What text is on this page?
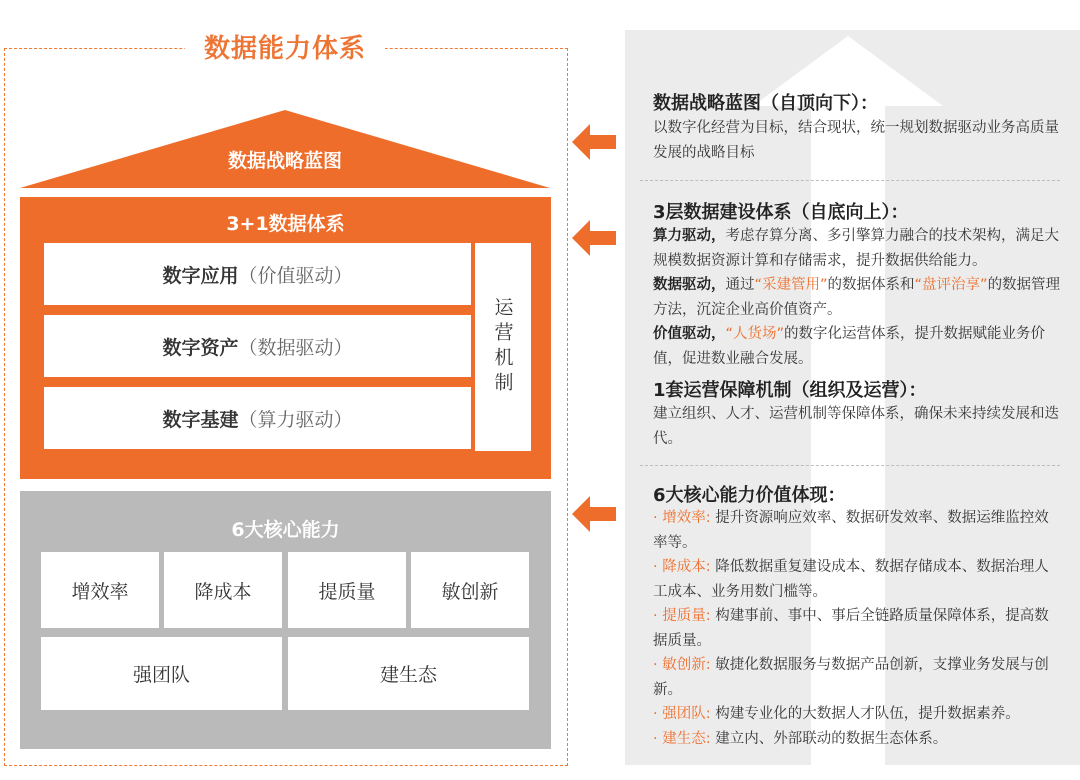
数据能力体系
数据战略蓝图
3+1数据体系
数字应用 （价值驱动）
数字资产 （数据驱动）
数字基建 （算力驱动）
运营机制
6大核心能力
增效率	降成本	提质量	敏创新
强团队	建生态
数据战略蓝图（自顶向下）：
以数字化经营为目标，结合现状，统一规划数据驱动业务高质量发展的战略目标
3层数据建设体系（自底向上）：
算力驱动，考虑存算分离、多引擎算力融合的技术架构，满足大规模数据资源计算和存储需求，提升数据供给能力。
数据驱动，通过“采建管用”的数据体系和“盘评治享”的数据管理方法，沉淀企业高价值资产。
价值驱动，“人货场”的数字化运营体系，提升数据赋能业务价值，促进数业融合发展。
1套运营保障机制（组织及运营）：
建立组织、人才、运营机制等保障体系，确保未来持续发展和迭代。
6大核心能力价值体现：
· 增效率: 提升资源响应效率、数据研发效率、数据运维监控效率等。
· 降成本: 降低数据重复建设成本、数据存储成本、数据治理人工成本、业务用数门槛等。
· 提质量: 构建事前、事中、事后全链路质量保障体系，提高数据质量。
· 敏创新: 敏捷化数据服务与数据产品创新，支撑业务发展与创新。
· 强团队: 构建专业化的大数据人才队伍，提升数据素养。
· 建生态: 建立内、外部联动的数据生态体系。
